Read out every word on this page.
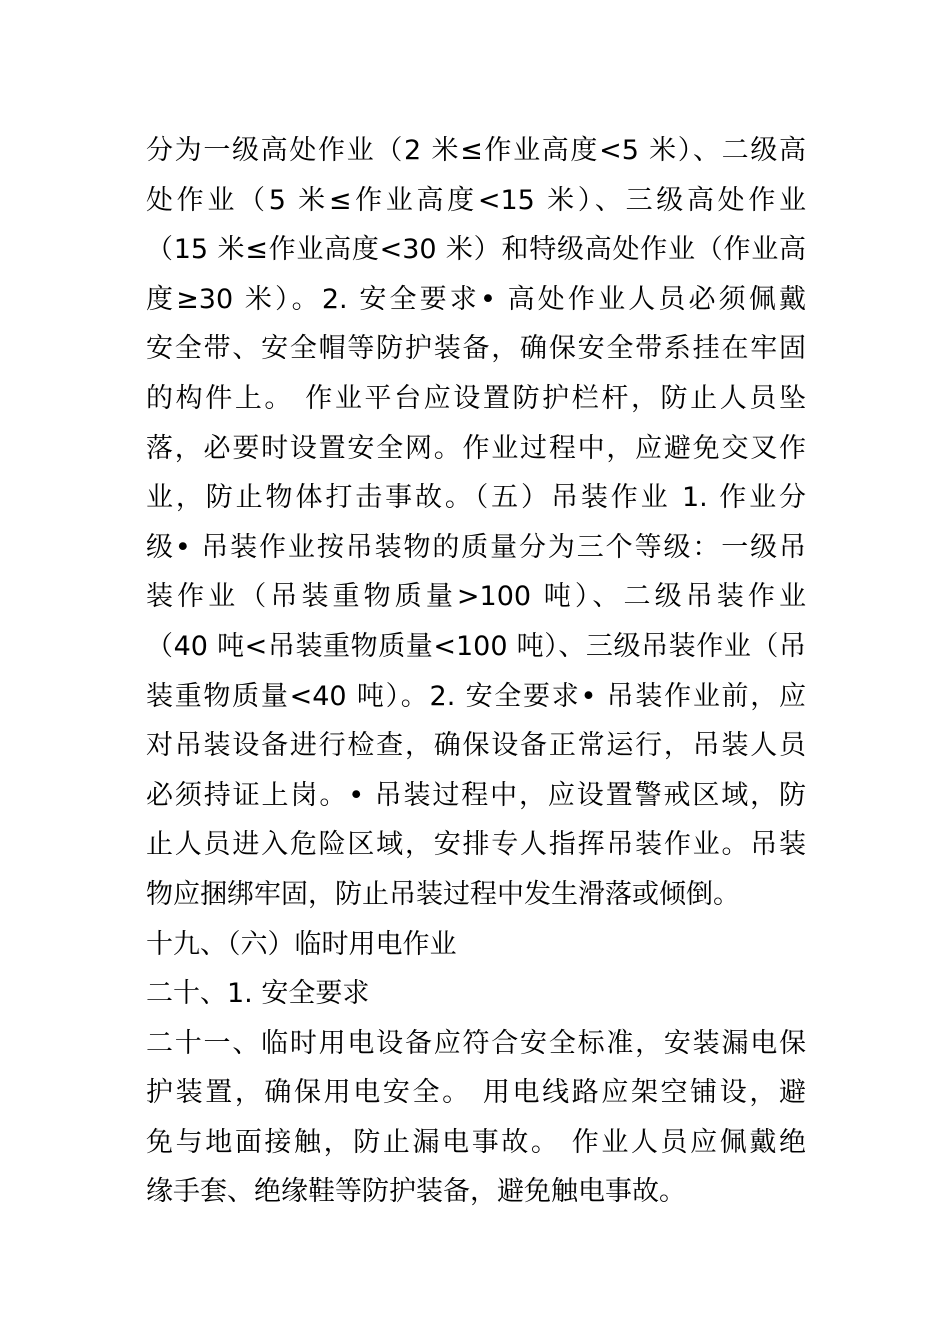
分为一级高处作业（2 米≤作业高度<5 米）、二级高
处作业（5 米≤作业高度<15 米）、三级高处作业
（15 米≤作业高度<30 米）和特级高处作业（作业高
度≥30 米）。2. 安全要求• 高处作业人员必须佩戴
安全带、安全帽等防护装备，确保安全带系挂在牢固
的构件上。 作业平台应设置防护栏杆，防止人员坠
落，必要时设置安全网。作业过程中，应避免交叉作
业，防止物体打击事故。（五）吊装作业 1. 作业分
级• 吊装作业按吊装物的质量分为三个等级：一级吊
装作业（吊装重物质量>100 吨）、二级吊装作业
（40 吨<吊装重物质量<100 吨）、三级吊装作业（吊
装重物质量<40 吨）。2. 安全要求• 吊装作业前，应
对吊装设备进行检查，确保设备正常运行，吊装人员
必须持证上岗。• 吊装过程中，应设置警戒区域，防
止人员进入危险区域，安排专人指挥吊装作业。吊装
物应捆绑牢固，防止吊装过程中发生滑落或倾倒。
十九、（六）临时用电作业
二十、1. 安全要求
二十一、临时用电设备应符合安全标准，安装漏电保
护装置，确保用电安全。 用电线路应架空铺设，避
免与地面接触，防止漏电事故。 作业人员应佩戴绝
缘手套、绝缘鞋等防护装备，避免触电事故。
